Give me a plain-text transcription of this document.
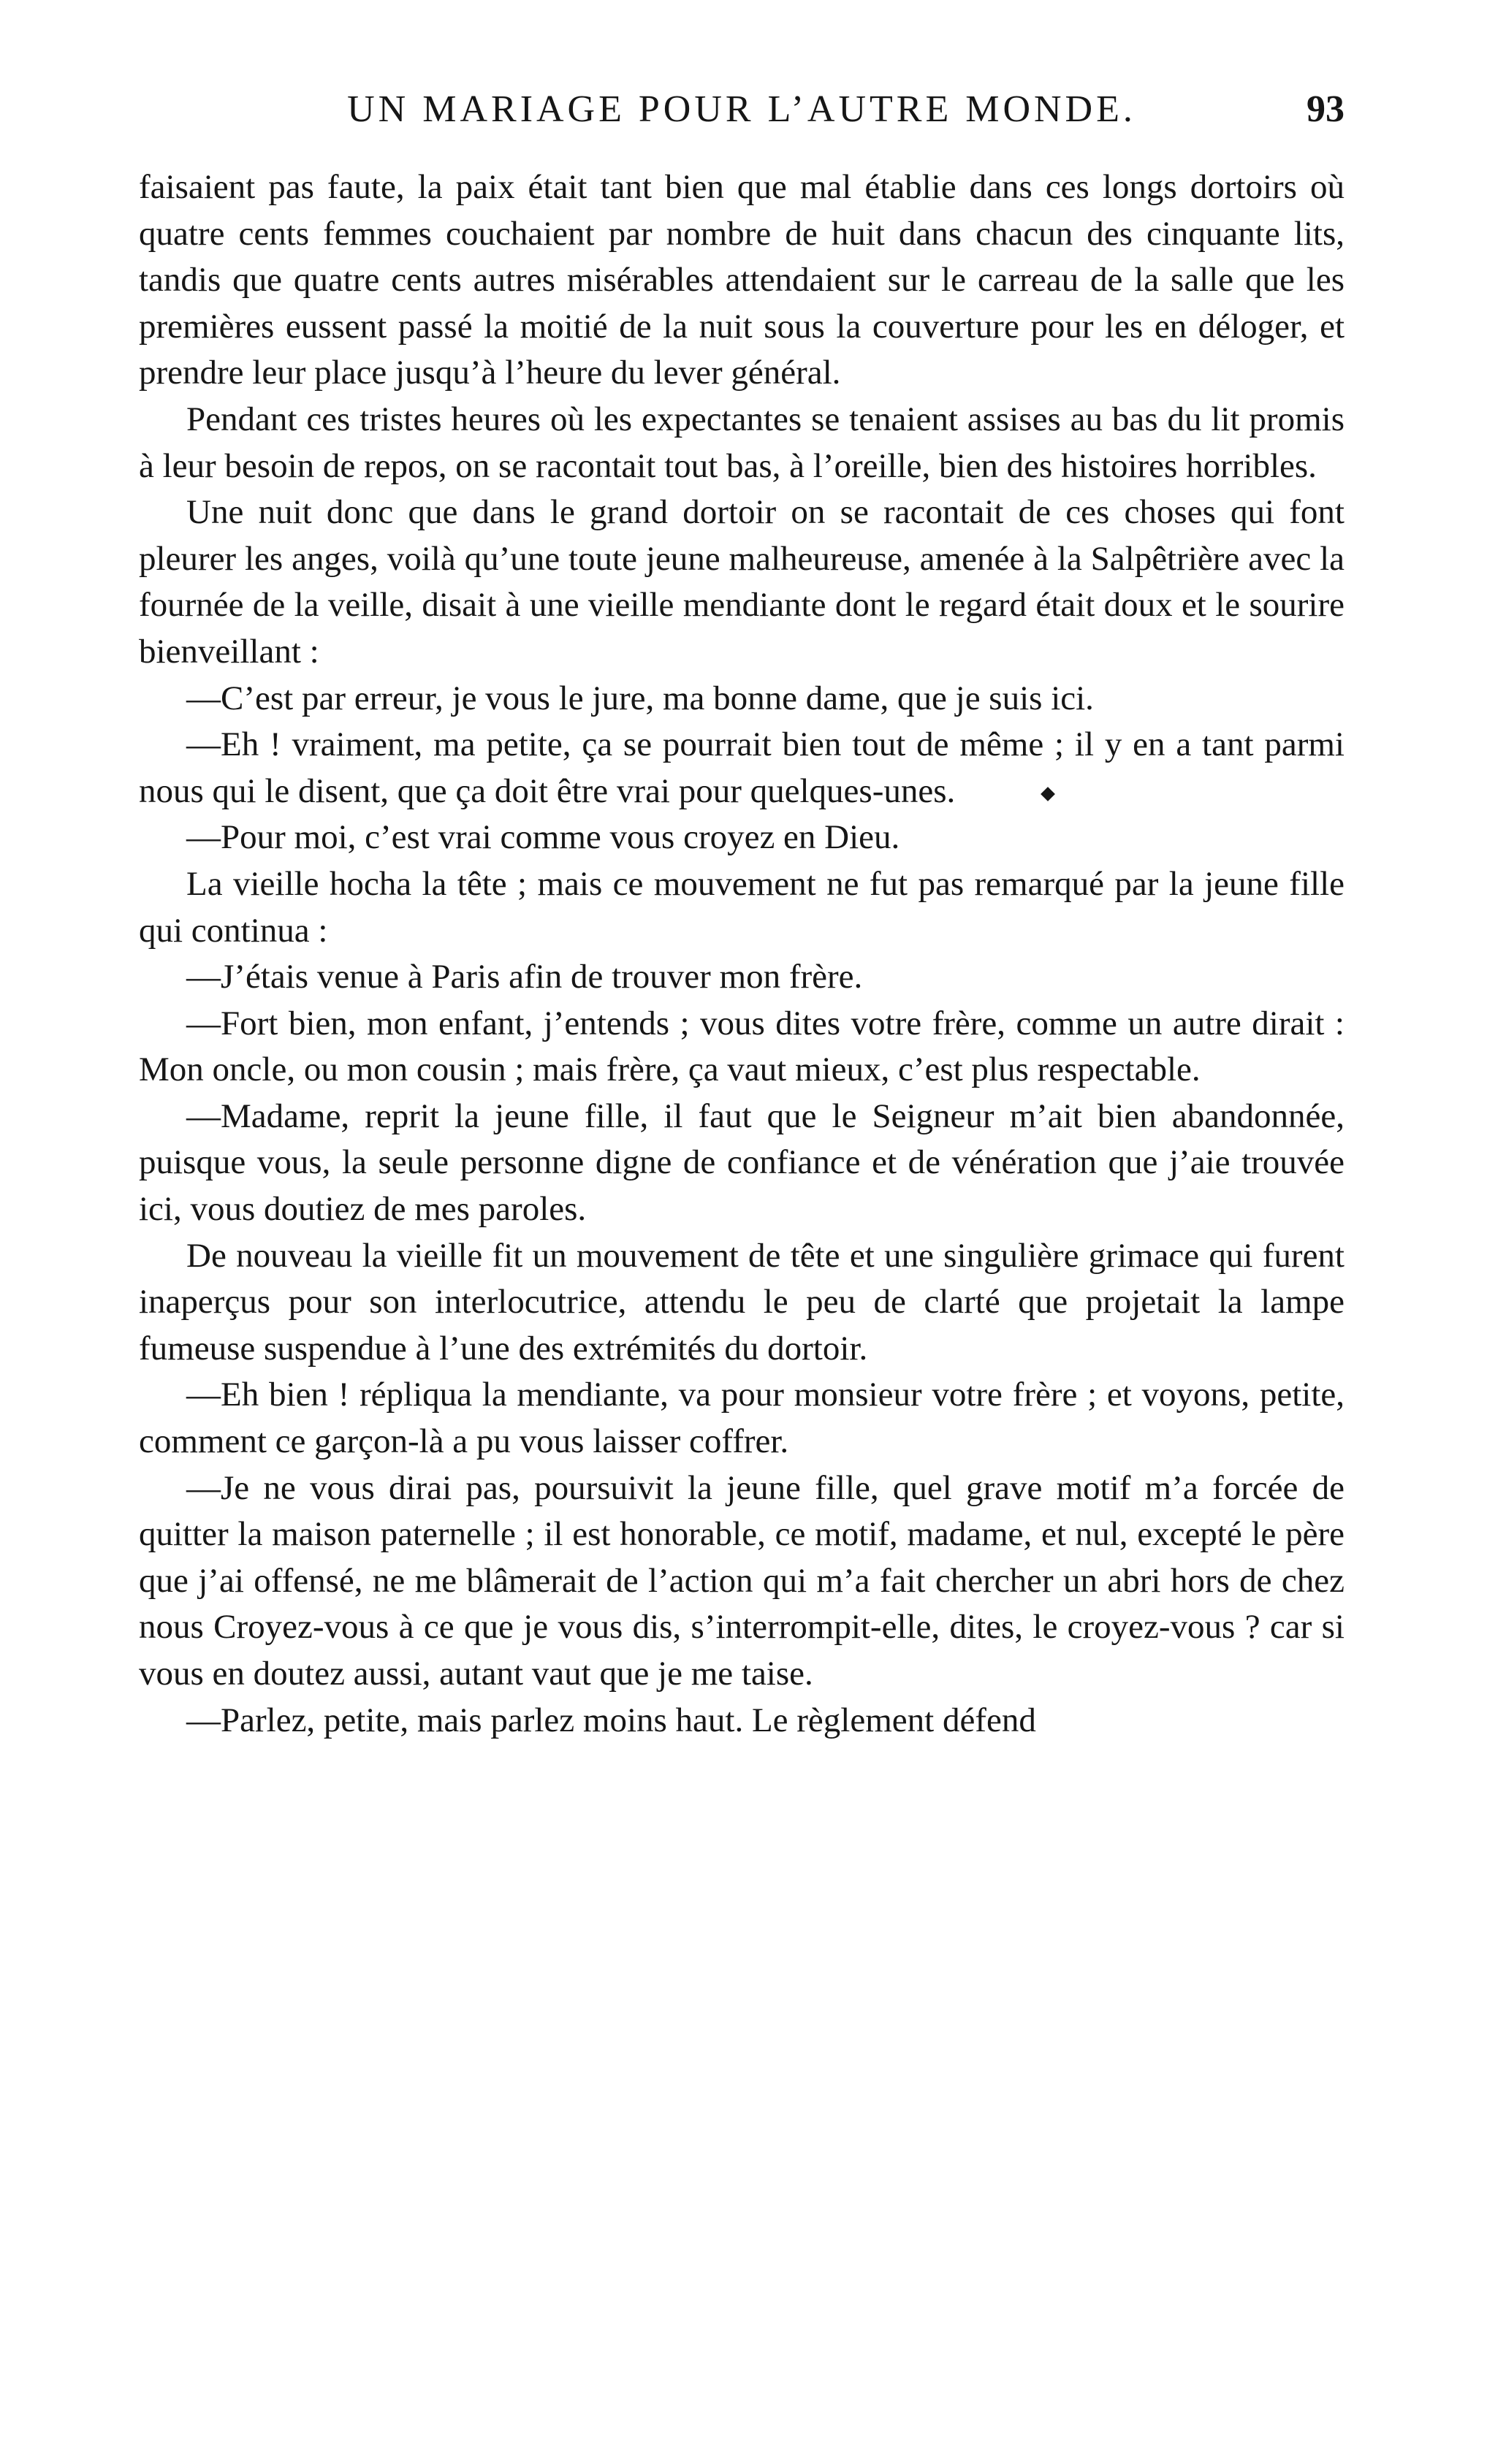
UN MARIAGE POUR L’AUTRE MONDE.	93

faisaient pas faute, la paix était tant bien que mal établie dans ces longs dortoirs où quatre cents femmes couchaient par nombre de huit dans chacun des cinquante lits, tandis que quatre cents autres misérables attendaient sur le carreau de la salle que les premières eussent passé la moitié de la nuit sous la couverture pour les en déloger, et prendre leur place jusqu’à l’heure du lever général.

Pendant ces tristes heures où les expectantes se tenaient assises au bas du lit promis à leur besoin de repos, on se racontait tout bas, à l’oreille, bien des histoires horribles.

Une nuit donc que dans le grand dortoir on se racontait de ces choses qui font pleurer les anges, voilà qu’une toute jeune malheureuse, amenée à la Salpêtrière avec la fournée de la veille, disait à une vieille mendiante dont le regard était doux et le sourire bienveillant :

—C’est par erreur, je vous le jure, ma bonne dame, que je suis ici.

—Eh ! vraiment, ma petite, ça se pourrait bien tout de même ; il y en a tant parmi nous qui le disent, que ça doit être vrai pour quelques-unes.

—Pour moi, c’est vrai comme vous croyez en Dieu.

La vieille hocha la tête ; mais ce mouvement ne fut pas remarqué par la jeune fille qui continua :

—J’étais venue à Paris afin de trouver mon frère.

—Fort bien, mon enfant, j’entends ; vous dites votre frère, comme un autre dirait : Mon oncle, ou mon cousin ; mais frère, ça vaut mieux, c’est plus respectable.

—Madame, reprit la jeune fille, il faut que le Seigneur m’ait bien abandonnée, puisque vous, la seule personne digne de confiance et de vénération que j’aie trouvée ici, vous doutiez de mes paroles.

De nouveau la vieille fit un mouvement de tête et une singulière grimace qui furent inaperçus pour son interlocutrice, attendu le peu de clarté que projetait la lampe fumeuse suspendue à l’une des extrémités du dortoir.

—Eh bien ! répliqua la mendiante, va pour monsieur votre frère ; et voyons, petite, comment ce garçon-là a pu vous laisser coffrer.

—Je ne vous dirai pas, poursuivit la jeune fille, quel grave motif m’a forcée de quitter la maison paternelle ; il est honorable, ce motif, madame, et nul, excepté le père que j’ai offensé, ne me blâmerait de l’action qui m’a fait chercher un abri hors de chez nous Croyez-vous à ce que je vous dis, s’interrompit-elle, dites, le croyez-vous ? car si vous en doutez aussi, autant vaut que je me taise.

—Parlez, petite, mais parlez moins haut. Le règlement défend
